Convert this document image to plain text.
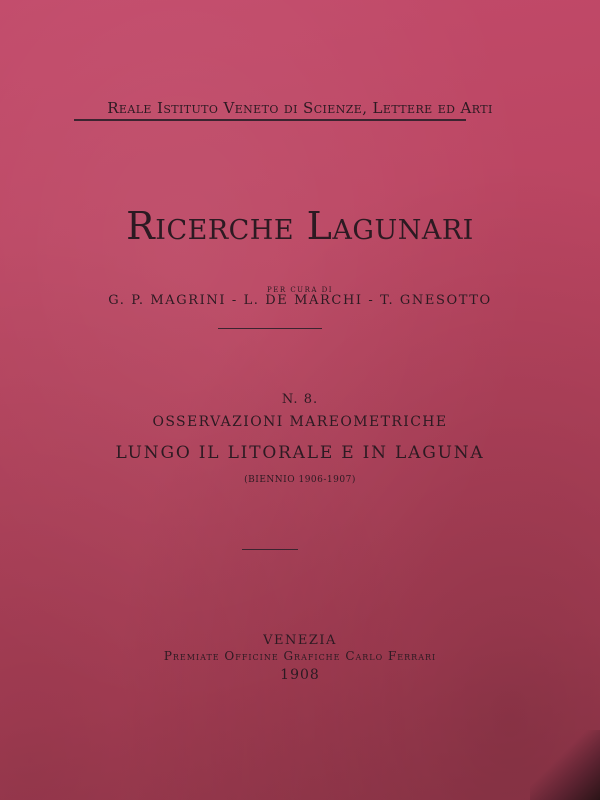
Reale Istituto Veneto di Scienze, Lettere ed Arti
Ricerche Lagunari
PER CURA DI
G. P. MAGRINI - L. DE MARCHI - T. GNESOTTO
N. 8.
OSSERVAZIONI MAREOMETRICHE
LUNGO IL LITORALE E IN LAGUNA
(BIENNIO 1906-1907)
VENEZIA
Premiate Officine Grafiche Carlo Ferrari
1908
